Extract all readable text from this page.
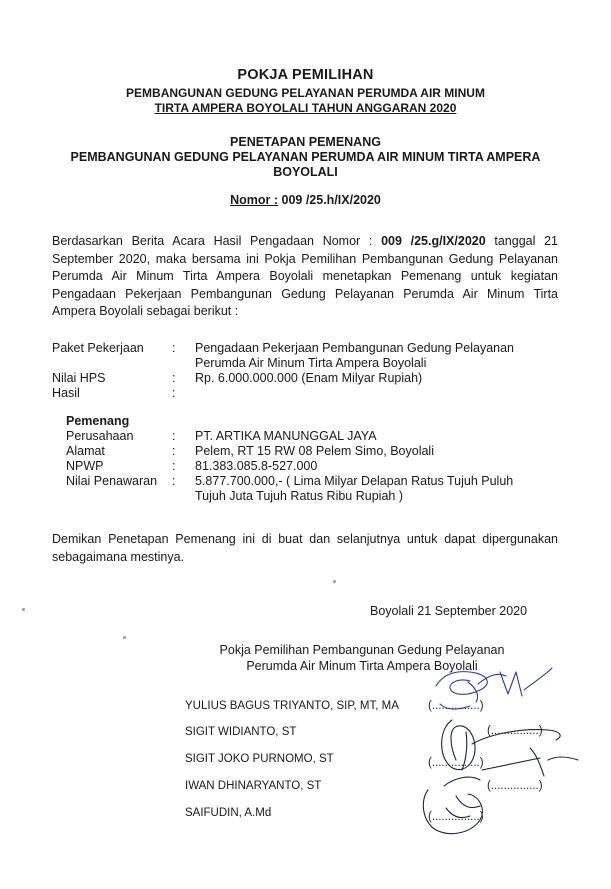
POKJA PEMILIHAN
PEMBANGUNAN GEDUNG PELAYANAN PERUMDA AIR MINUM
TIRTA AMPERA BOYOLALI TAHUN ANGGARAN 2020
PENETAPAN PEMENANG
PEMBANGUNAN GEDUNG PELAYANAN PERUMDA AIR MINUM TIRTA AMPERA
BOYOLALI
Nomor : 009 /25.h/IX/2020

Berdasarkan Berita Acara Hasil Pengadaan Nomor : 009 /25.g/IX/2020 tanggal 21 September 2020, maka bersama ini Pokja Pemilihan Pembangunan Gedung Pelayanan Perumda Air Minum Tirta Ampera Boyolali menetapkan Pemenang untuk kegiatan Pengadaan Pekerjaan Pembangunan Gedung Pelayanan Perumda Air Minum Tirta Ampera Boyolali sebagai berikut :

Paket Pekerjaan : Pengadaan Pekerjaan Pembangunan Gedung Pelayanan
Perumda Air Minum Tirta Ampera Boyolali
Nilai HPS	: Rp. 6.000.000.000 (Enam Milyar Rupiah)
Hasil	:
Pemenang
Perusahaan	: PT. ARTIKA MANUNGGAL JAYA
Alamat	: Pelem, RT 15 RW 08 Pelem Simo, Boyolali
NPWP	: 81.383.085.8-527.000
Nilai Penawaran : 5.877.700.000,- ( Lima Milyar Delapan Ratus Tujuh Puluh
Tujuh Juta Tujuh Ratus Ribu Rupiah )

Demikan Penetapan Pemenang ini di buat dan selanjutnya untuk dapat dipergunakan sebagaimana mestinya.

Boyolali 21 September 2020
Pokja Pemilihan Pembangunan Gedung Pelayanan
Perumda Air Minum Tirta Ampera Boyolali
YULIUS BAGUS TRIYANTO, SIP, MT, MA	(...............)
SIGIT WIDIANTO, ST	(...............)
SIGIT JOKO PURNOMO, ST	(...............)
IWAN DHINARYANTO, ST	(...............)
SAIFUDIN, A.Md	(...............)
